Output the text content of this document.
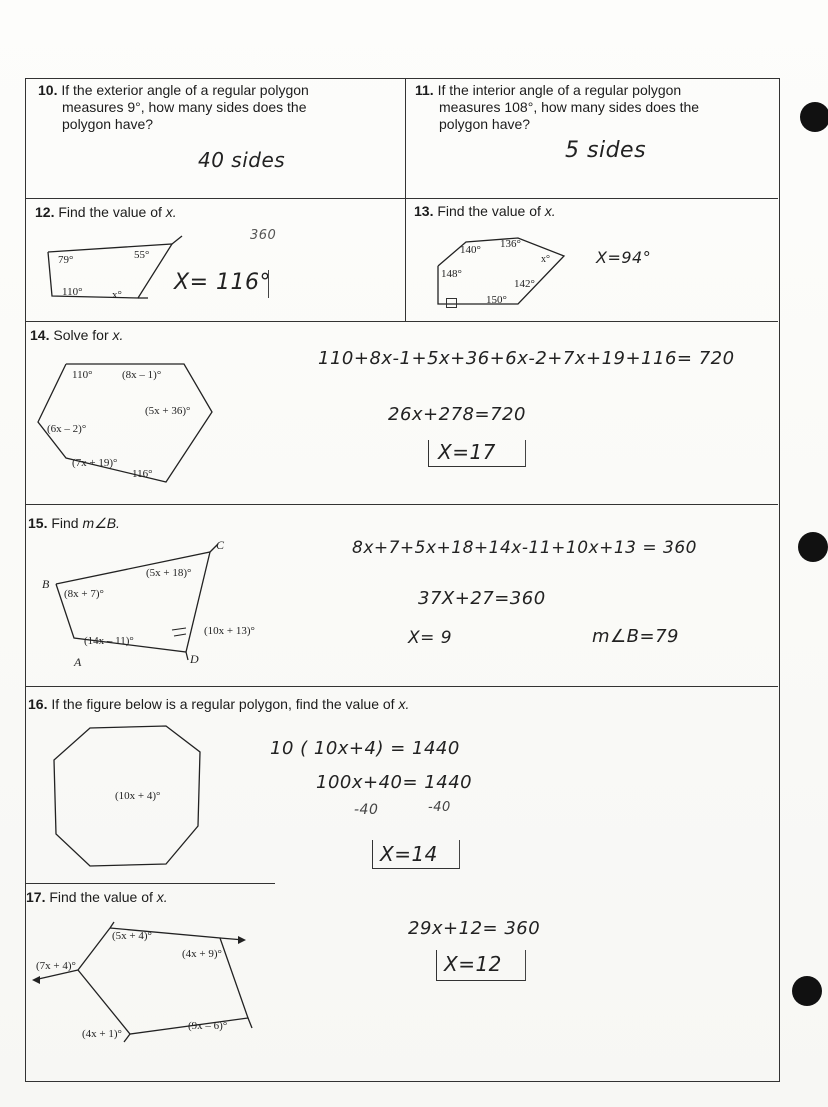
10. If the exterior angle of a regular polygon
measures 9°, how many sides does the
polygon have?
40 sides
11. If the interior angle of a regular polygon
measures 108°, how many sides does the
polygon have?
5 sides
12. Find the value of x.
79°	55°
110°	x°
360
X= 116°
13. Find the value of x.
140° 136°
x°
148°
142°
150°
X=94°
14. Solve for x.
110°	(8x – 1)°
(5x + 36)°
(6x – 2)°
(7x + 19)°
116°
110+8x-1+5x+36+6x-2+7x+19+116= 720
26x+278=720
X=17
15. Find m∠B.
B
C
A	D
(8x + 7)°
(5x + 18)°
(14x – 11)°
(10x + 13)°
8x+7+5x+18+14x-11+10x+13 = 360
37X+27=360
X= 9	m∠B=79
16. If the figure below is a regular polygon, find the value of x.
(10x + 4)°
10 ( 10x+4) = 1440
100x+40= 1440
-40	-40
X=14
17. Find the value of x.
(5x + 4)°
(4x + 9)°
(7x + 4)°
(4x + 1)°
(9x – 6)°
29x+12= 360
X=12
